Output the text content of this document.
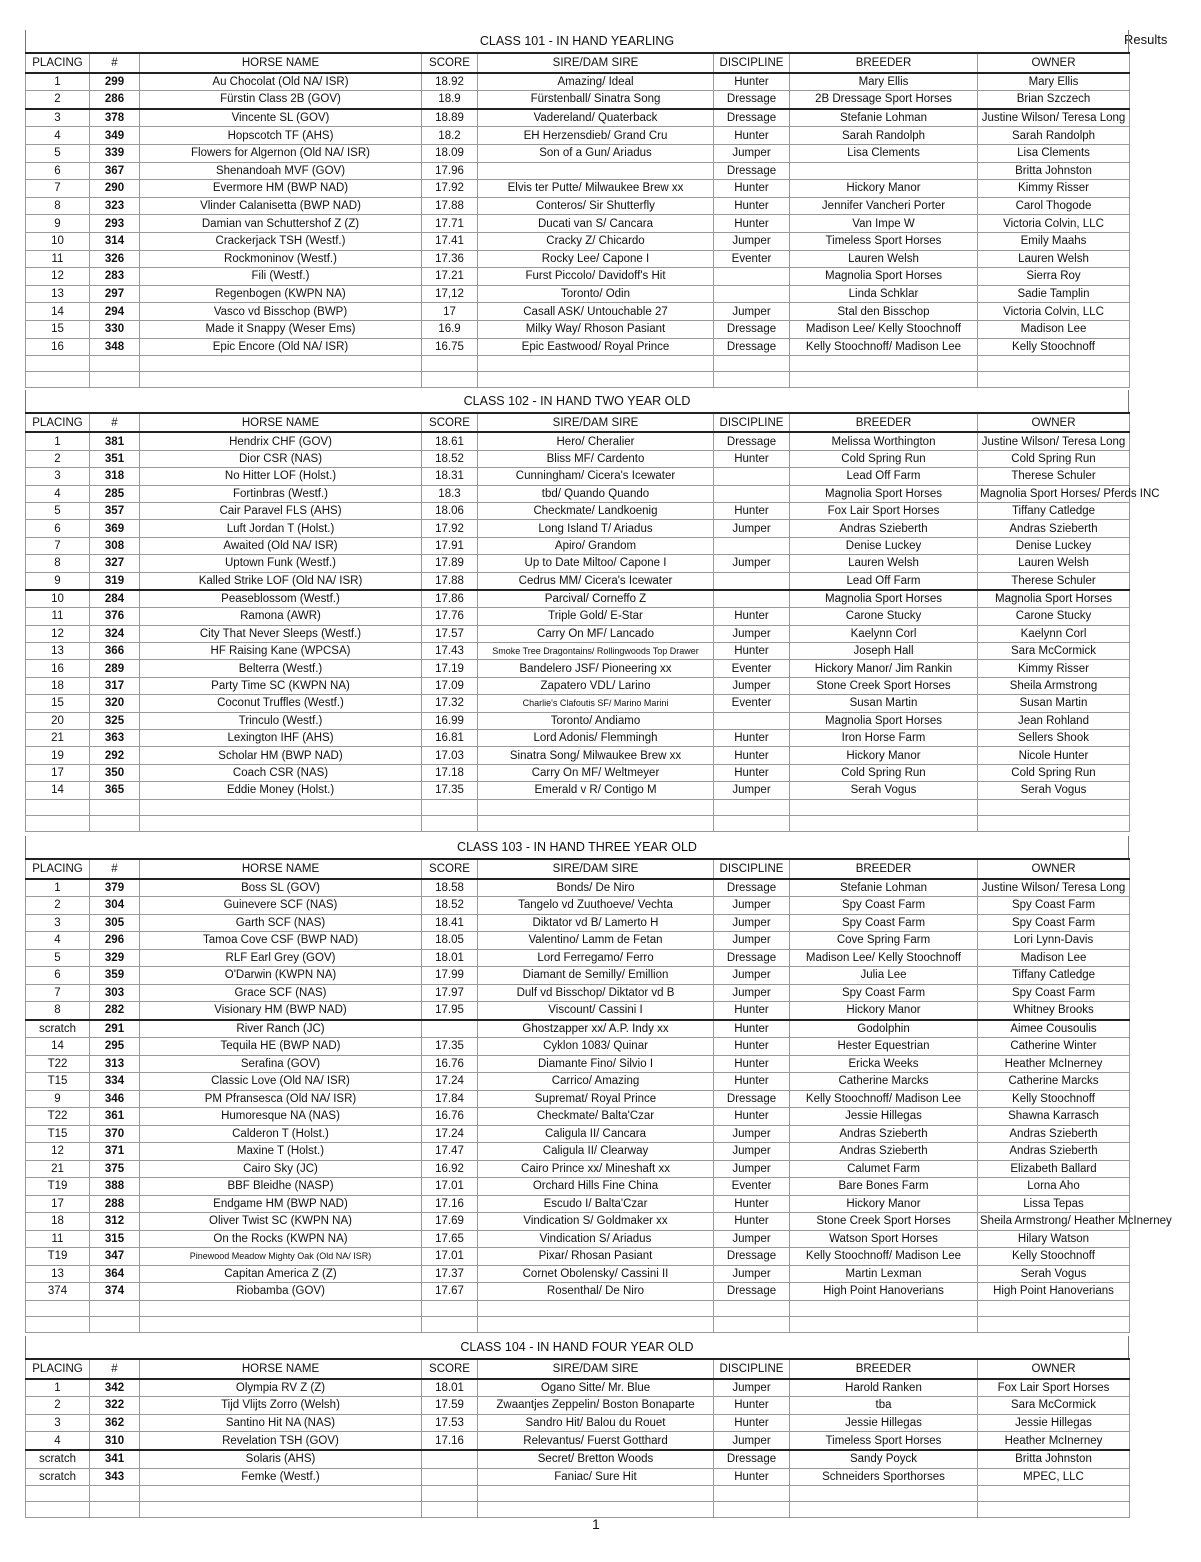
Results
CLASS 101 - IN HAND YEARLING
PLACING	#	HORSE NAME	SCORE	SIRE/DAM SIRE	DISCIPLINE	BREEDER	OWNER
1	299	Au Chocolat (Old NA/ ISR)	18.92	Amazing/ Ideal	Hunter	Mary Ellis	Mary Ellis
2	286	Fürstin Class 2B (GOV)	18.9	Fürstenball/ Sinatra Song	Dressage	2B Dressage Sport Horses	Brian Szczech
3	378	Vincente SL (GOV)	18.89	Vadereland/ Quaterback	Dressage	Stefanie Lohman	Justine Wilson/ Teresa Long
4	349	Hopscotch TF (AHS)	18.2	EH Herzensdieb/ Grand Cru	Hunter	Sarah Randolph	Sarah Randolph
5	339	Flowers for Algernon (Old NA/ ISR)	18.09	Son of a Gun/ Ariadus	Jumper	Lisa Clements	Lisa Clements
6	367	Shenandoah MVF (GOV)	17.96		Dressage		Britta Johnston
7	290	Evermore HM (BWP NAD)	17.92	Elvis ter Putte/ Milwaukee Brew xx	Hunter	Hickory Manor	Kimmy Risser
8	323	Vlinder Calanisetta (BWP NAD)	17.88	Conteros/ Sir Shutterfly	Hunter	Jennifer Vancheri Porter	Carol Thogode
9	293	Damian van Schuttershof Z (Z)	17.71	Ducati van S/ Cancara	Hunter	Van Impe W	Victoria Colvin, LLC
10	314	Crackerjack TSH (Westf.)	17.41	Cracky Z/ Chicardo	Jumper	Timeless Sport Horses	Emily Maahs
11	326	Rockmoninov (Westf.)	17.36	Rocky Lee/ Capone I	Eventer	Lauren Welsh	Lauren Welsh
12	283	Fili (Westf.)	17.21	Furst Piccolo/ Davidoff's Hit		Magnolia Sport Horses	Sierra Roy
13	297	Regenbogen (KWPN NA)	17,12	Toronto/ Odin		Linda Schklar	Sadie Tamplin
14	294	Vasco vd Bisschop (BWP)	17	Casall ASK/ Untouchable 27	Jumper	Stal den Bisschop	Victoria Colvin, LLC
15	330	Made it Snappy (Weser Ems)	16.9	Milky Way/ Rhoson Pasiant	Dressage	Madison Lee/ Kelly Stoochnoff	Madison Lee
16	348	Epic Encore (Old NA/ ISR)	16.75	Epic Eastwood/ Royal Prince	Dressage	Kelly Stoochnoff/ Madison Lee	Kelly Stoochnoff

CLASS 102 - IN HAND TWO YEAR OLD
PLACING	#	HORSE NAME	SCORE	SIRE/DAM SIRE	DISCIPLINE	BREEDER	OWNER
1	381	Hendrix CHF (GOV)	18.61	Hero/ Cheralier	Dressage	Melissa Worthington	Justine Wilson/ Teresa Long
2	351	Dior CSR (NAS)	18.52	Bliss MF/ Cardento	Hunter	Cold Spring Run	Cold Spring Run
3	318	No Hitter LOF (Holst.)	18.31	Cunningham/ Cicera's Icewater		Lead Off Farm	Therese Schuler
4	285	Fortinbras (Westf.)	18.3	tbd/ Quando Quando		Magnolia Sport Horses	Magnolia Sport Horses/ Pferds INC
5	357	Cair Paravel FLS (AHS)	18.06	Checkmate/ Landkoenig	Hunter	Fox Lair Sport Horses	Tiffany Catledge
6	369	Luft Jordan T (Holst.)	17.92	Long Island T/ Ariadus	Jumper	Andras Szieberth	Andras Szieberth
7	308	Awaited (Old NA/ ISR)	17.91	Apiro/ Grandom		Denise Luckey	Denise Luckey
8	327	Uptown Funk (Westf.)	17.89	Up to Date Miltoo/ Capone I	Jumper	Lauren Welsh	Lauren Welsh
9	319	Kalled Strike LOF (Old NA/ ISR)	17.88	Cedrus MM/ Cicera's Icewater		Lead Off Farm	Therese Schuler
10	284	Peaseblossom (Westf.)	17.86	Parcival/ Corneffo Z		Magnolia Sport Horses	Magnolia Sport Horses
11	376	Ramona (AWR)	17.76	Triple Gold/ E-Star	Hunter	Carone Stucky	Carone Stucky
12	324	City That Never Sleeps (Westf.)	17.57	Carry On MF/ Lancado	Jumper	Kaelynn Corl	Kaelynn Corl
13	366	HF Raising Kane (WPCSA)	17.43	Smoke Tree Dragontains/ Rollingwoods Top Drawer	Hunter	Joseph Hall	Sara McCormick
16	289	Belterra (Westf.)	17.19	Bandelero JSF/ Pioneering xx	Eventer	Hickory Manor/ Jim Rankin	Kimmy Risser
18	317	Party Time SC (KWPN NA)	17.09	Zapatero VDL/ Larino	Jumper	Stone Creek Sport Horses	Sheila Armstrong
15	320	Coconut Truffles (Westf.)	17.32	Charlie's Clafoutis SF/ Marino Marini	Eventer	Susan Martin	Susan Martin
20	325	Trinculo (Westf.)	16.99	Toronto/ Andiamo		Magnolia Sport Horses	Jean Rohland
21	363	Lexington IHF (AHS)	16.81	Lord Adonis/ Flemmingh	Hunter	Iron Horse Farm	Sellers Shook
19	292	Scholar HM (BWP NAD)	17.03	Sinatra Song/ Milwaukee Brew xx	Hunter	Hickory Manor	Nicole Hunter
17	350	Coach CSR (NAS)	17.18	Carry On MF/ Weltmeyer	Hunter	Cold Spring Run	Cold Spring Run
14	365	Eddie Money (Holst.)	17.35	Emerald v R/ Contigo M	Jumper	Serah Vogus	Serah Vogus

CLASS 103 - IN HAND THREE YEAR OLD
PLACING	#	HORSE NAME	SCORE	SIRE/DAM SIRE	DISCIPLINE	BREEDER	OWNER
1	379	Boss SL (GOV)	18.58	Bonds/ De Niro	Dressage	Stefanie Lohman	Justine Wilson/ Teresa Long
2	304	Guinevere SCF (NAS)	18.52	Tangelo vd Zuuthoeve/ Vechta	Jumper	Spy Coast Farm	Spy Coast Farm
3	305	Garth SCF (NAS)	18.41	Diktator vd B/ Lamerto H	Jumper	Spy Coast Farm	Spy Coast Farm
4	296	Tamoa Cove CSF (BWP NAD)	18.05	Valentino/ Lamm de Fetan	Jumper	Cove Spring Farm	Lori Lynn-Davis
5	329	RLF Earl Grey (GOV)	18.01	Lord Ferregamo/ Ferro	Dressage	Madison Lee/ Kelly Stoochnoff	Madison Lee
6	359	O'Darwin (KWPN NA)	17.99	Diamant de Semilly/ Emillion	Jumper	Julia Lee	Tiffany Catledge
7	303	Grace SCF (NAS)	17.97	Dulf vd Bisschop/ Diktator vd B	Jumper	Spy Coast Farm	Spy Coast Farm
8	282	Visionary HM (BWP NAD)	17.95	Viscount/ Cassini I	Hunter	Hickory Manor	Whitney Brooks
scratch	291	River Ranch (JC)		Ghostzapper xx/ A.P. Indy xx	Hunter	Godolphin	Aimee Cousoulis
14	295	Tequila HE (BWP NAD)	17.35	Cyklon 1083/ Quinar	Hunter	Hester Equestrian	Catherine Winter
T22	313	Serafina (GOV)	16.76	Diamante Fino/ Silvio I	Hunter	Ericka Weeks	Heather McInerney
T15	334	Classic Love (Old NA/ ISR)	17.24	Carrico/ Amazing	Hunter	Catherine Marcks	Catherine Marcks
9	346	PM Pfransesca (Old NA/ ISR)	17.84	Supremat/ Royal Prince	Dressage	Kelly Stoochnoff/ Madison Lee	Kelly Stoochnoff
T22	361	Humoresque NA (NAS)	16.76	Checkmate/ Balta'Czar	Hunter	Jessie Hillegas	Shawna Karrasch
T15	370	Calderon T (Holst.)	17.24	Caligula II/ Cancara	Jumper	Andras Szieberth	Andras Szieberth
12	371	Maxine T (Holst.)	17.47	Caligula II/ Clearway	Jumper	Andras Szieberth	Andras Szieberth
21	375	Cairo Sky (JC)	16.92	Cairo Prince xx/ Mineshaft xx	Jumper	Calumet Farm	Elizabeth Ballard
T19	388	BBF Bleidhe (NASP)	17.01	Orchard Hills Fine China	Eventer	Bare Bones Farm	Lorna Aho
17	288	Endgame HM (BWP NAD)	17.16	Escudo I/ Balta'Czar	Hunter	Hickory Manor	Lissa Tepas
18	312	Oliver Twist SC (KWPN NA)	17.69	Vindication S/ Goldmaker xx	Hunter	Stone Creek Sport Horses	Sheila Armstrong/ Heather McInerney
11	315	On the Rocks (KWPN NA)	17.65	Vindication S/ Ariadus	Jumper	Watson Sport Horses	Hilary Watson
T19	347	Pinewood Meadow Mighty Oak (Old NA/ ISR)	17.01	Pixar/ Rhosan Pasiant	Dressage	Kelly Stoochnoff/ Madison Lee	Kelly Stoochnoff
13	364	Capitan America Z (Z)	17.37	Cornet Obolensky/ Cassini II	Jumper	Martin Lexman	Serah Vogus
374	374	Riobamba (GOV)	17.67	Rosenthal/ De Niro	Dressage	High Point Hanoverians	High Point Hanoverians

CLASS 104 - IN HAND FOUR YEAR OLD
PLACING	#	HORSE NAME	SCORE	SIRE/DAM SIRE	DISCIPLINE	BREEDER	OWNER
1	342	Olympia RV Z (Z)	18.01	Ogano Sitte/ Mr. Blue	Jumper	Harold Ranken	Fox Lair Sport Horses
2	322	Tijd Vlijts Zorro (Welsh)	17.59	Zwaantjes Zeppelin/ Boston Bonaparte	Hunter	tba	Sara McCormick
3	362	Santino Hit NA (NAS)	17.53	Sandro Hit/ Balou du Rouet	Hunter	Jessie Hillegas	Jessie Hillegas
4	310	Revelation TSH (GOV)	17.16	Relevantus/ Fuerst Gotthard	Jumper	Timeless Sport Horses	Heather McInerney
scratch	341	Solaris (AHS)		Secret/ Bretton Woods	Dressage	Sandy Poyck	Britta Johnston
scratch	343	Femke (Westf.)		Faniac/ Sure Hit	Hunter	Schneiders Sporthorses	MPEC, LLC

1
